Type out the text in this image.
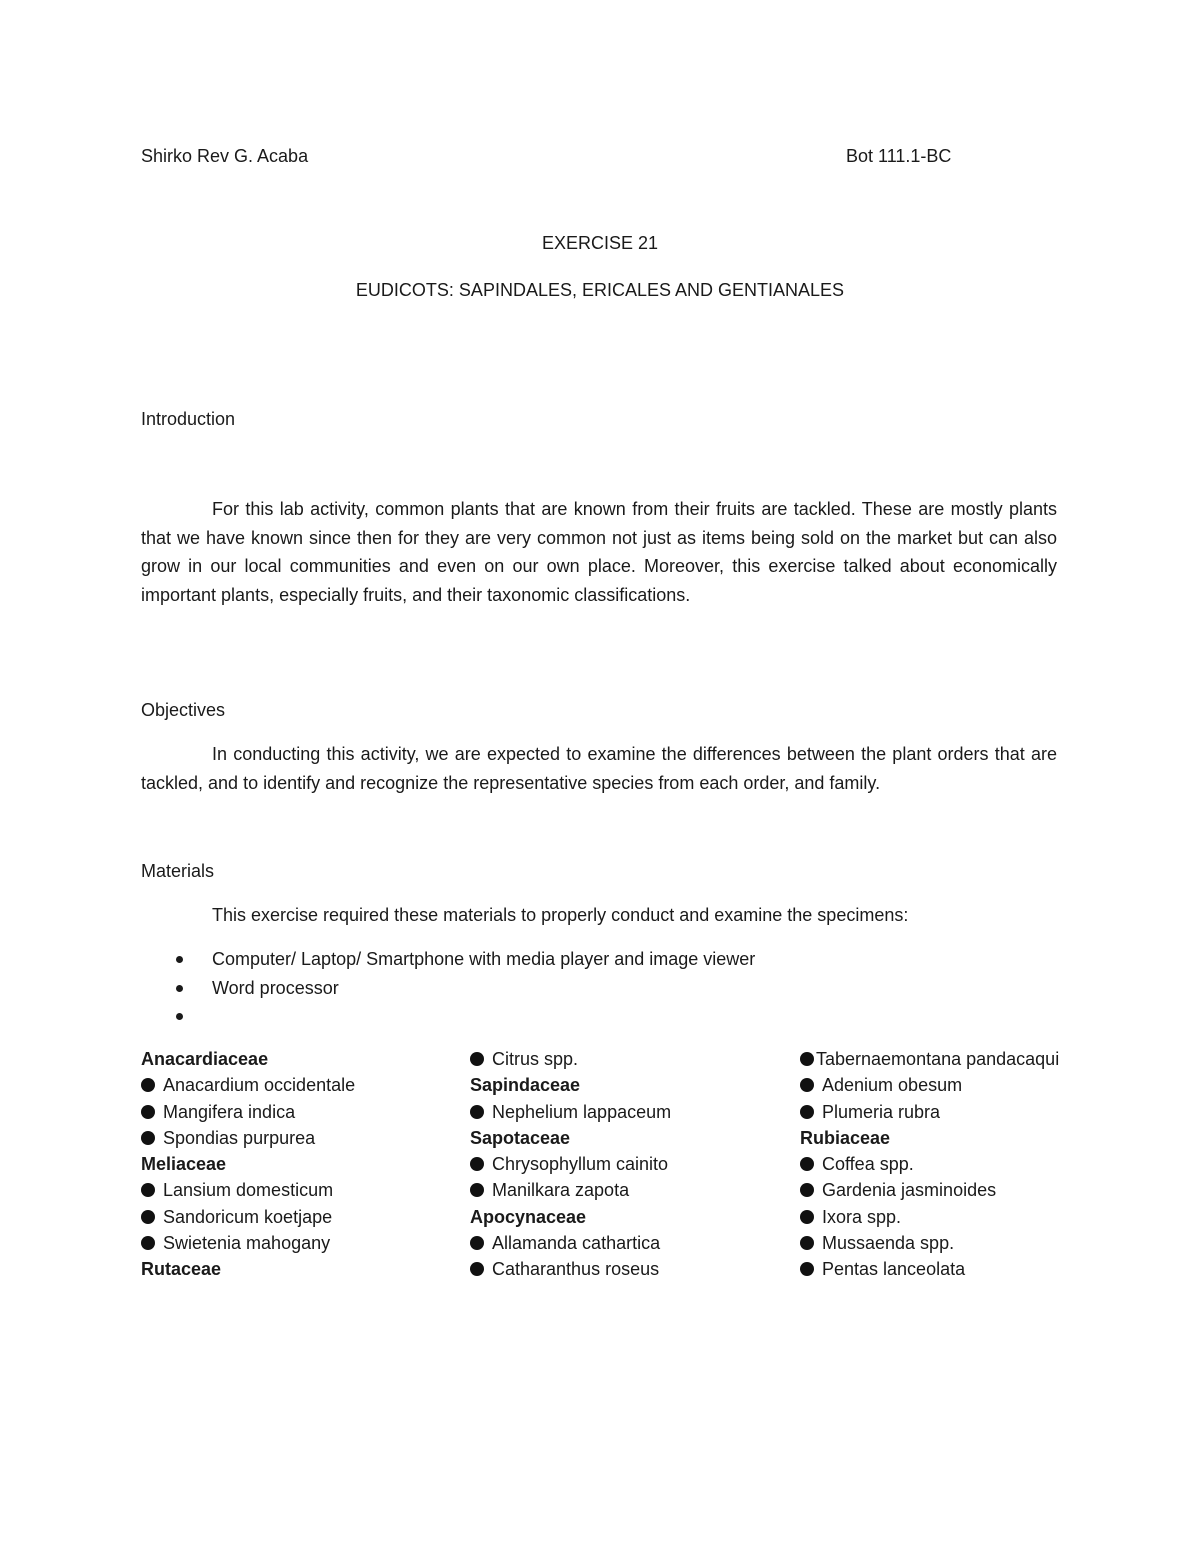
Shirko Rev G. Acaba	Bot 111.1-BC
EXERCISE 21
EUDICOTS: SAPINDALES, ERICALES AND GENTIANALES
Introduction
For this lab activity, common plants that are known from their fruits are tackled. These are mostly plants that we have known since then for they are very common not just as items being sold on the market but can also grow in our local communities and even on our own place. Moreover, this exercise talked about economically important plants, especially fruits, and their taxonomic classifications.
Objectives
In conducting this activity, we are expected to examine the differences between the plant orders that are tackled, and to identify and recognize the representative species from each order, and family.
Materials
This exercise required these materials to properly conduct and examine the specimens:
Computer/ Laptop/ Smartphone with media player and image viewer
Word processor
Anacardiaceae
Anacardium occidentale
Mangifera indica
Spondias purpurea
Meliaceae
Lansium domesticum
Sandoricum koetjape
Swietenia mahogany
Rutaceae
Citrus spp.
Sapindaceae
Nephelium lappaceum
Sapotaceae
Chrysophyllum cainito
Manilkara zapota
Apocynaceae
Allamanda cathartica
Catharanthus roseus
Tabernaemontana pandacaqui
Adenium obesum
Plumeria rubra
Rubiaceae
Coffea spp.
Gardenia jasminoides
Ixora spp.
Mussaenda spp.
Pentas lanceolata
